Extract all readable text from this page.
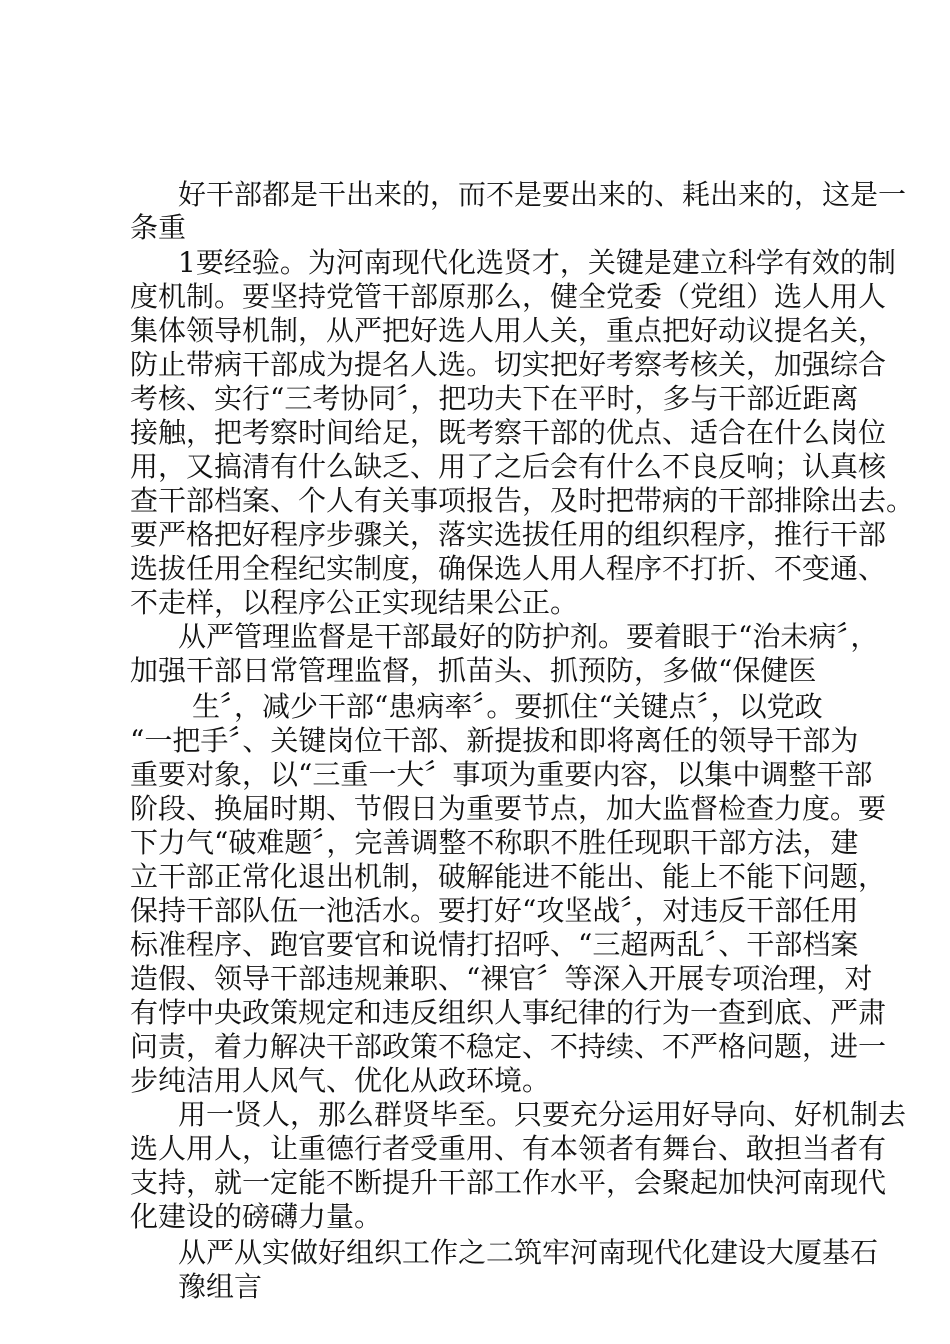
好干部都是干出来的，而不是要出来的、耗出来的，这是一
条重
1要经验。为河南现代化选贤才，关键是建立科学有效的制
度机制。要坚持党管干部原那么，健全党委（党组）选人用人
集体领导机制，从严把好选人用人关，重点把好动议提名关，
防止带病干部成为提名人选。切实把好考察考核关，加强综合
考核、实行“三考协同〞，把功夫下在平时，多与干部近距离
接触，把考察时间给足，既考察干部的优点、适合在什么岗位
用，又搞清有什么缺乏、用了之后会有什么不良反响；认真核
查干部档案、个人有关事项报告，及时把带病的干部排除出去。
要严格把好程序步骤关，落实选拔任用的组织程序，推行干部
选拔任用全程纪实制度，确保选人用人程序不打折、不变通、
不走样，以程序公正实现结果公正。
从严管理监督是干部最好的防护剂。要着眼于“治未病〞，
加强干部日常管理监督，抓苗头、抓预防，多做“保健医
生〞，减少干部“患病率〞。要抓住“关键点〞，以党政
“一把手〞、关键岗位干部、新提拔和即将离任的领导干部为
重要对象，以“三重一大〞事项为重要内容，以集中调整干部
阶段、换届时期、节假日为重要节点，加大监督检查力度。要
下力气“破难题〞，完善调整不称职不胜任现职干部方法，建
立干部正常化退出机制，破解能进不能出、能上不能下问题，
保持干部队伍一池活水。要打好“攻坚战〞，对违反干部任用
标准程序、跑官要官和说情打招呼、“三超两乱〞、干部档案
造假、领导干部违规兼职、“裸官〞等深入开展专项治理，对
有悖中央政策规定和违反组织人事纪律的行为一查到底、严肃
问责，着力解决干部政策不稳定、不持续、不严格问题，进一
步纯洁用人风气、优化从政环境。
用一贤人，那么群贤毕至。只要充分运用好导向、好机制去
选人用人，让重德行者受重用、有本领者有舞台、敢担当者有
支持，就一定能不断提升干部工作水平，会聚起加快河南现代
化建设的磅礴力量。
从严从实做好组织工作之二筑牢河南现代化建设大厦基石
豫组言
